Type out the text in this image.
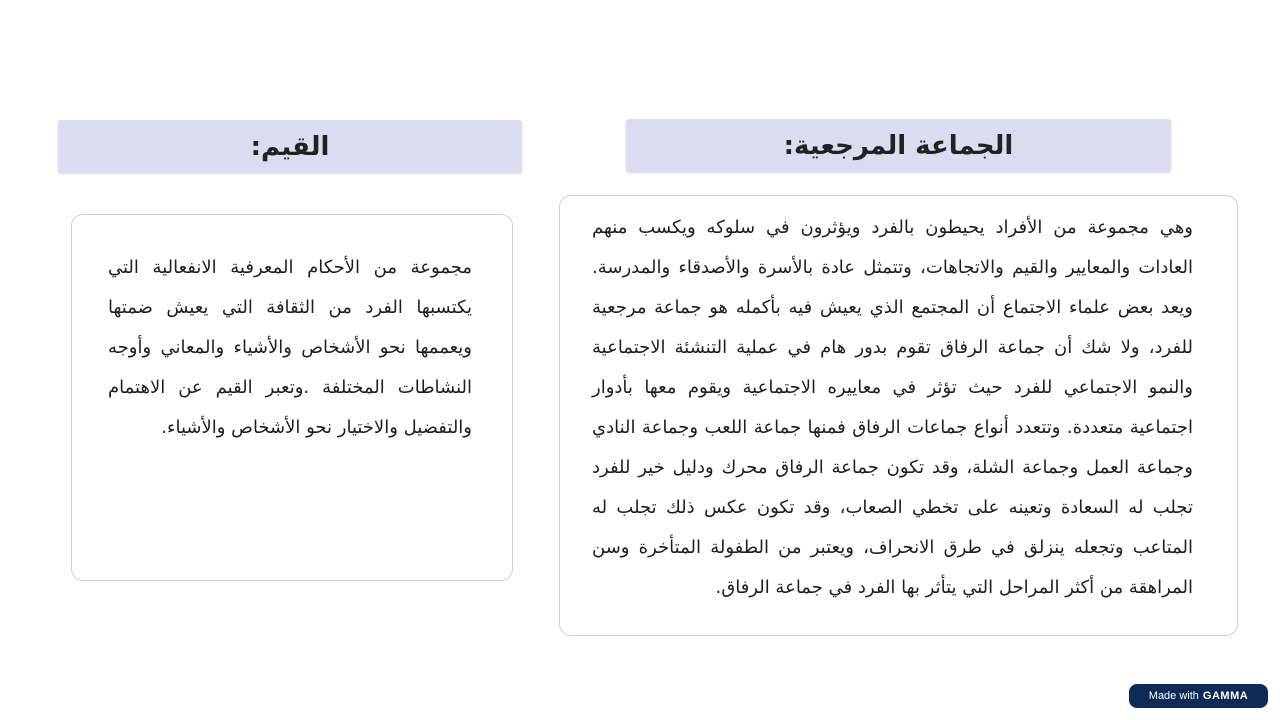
القيم:	الجماعة المرجعية:

مجموعة من الأحكام المعرفية الانفعالية التي يكتسبها الفرد من الثقافة التي يعيش ضمتها ويعممها نحو الأشخاص والأشياء والمعاني وأوجه النشاطات المختلفة .وتعبر القيم عن الاهتمام والتفضيل والاختيار نحو الأشخاص والأشياء.

وهي مجموعة من الأفراد يحيطون بالفرد ويؤثرون في سلوكه ويكسب منهم العادات والمعايير والقيم والاتجاهات، وتتمثل عادة بالأسرة والأصدقاء والمدرسة. ويعد بعض علماء الاجتماع أن المجتمع الذي يعيش فيه بأكمله هو جماعة مرجعية للفرد، ولا شك أن جماعة الرفاق تقوم بدور هام في عملية التنشئة الاجتماعية والنمو الاجتماعي للفرد حيث تؤثر في معاييره الاجتماعية ويقوم معها بأدوار اجتماعية متعددة. وتتعدد أنواع جماعات الرفاق فمنها جماعة اللعب وجماعة النادي وجماعة العمل وجماعة الشلة، وقد تكون جماعة الرفاق محرك ودليل خير للفرد تجلب له السعادة وتعينه على تخطي الصعاب، وقد تكون عكس ذلك تجلب له المتاعب وتجعله ينزلق في طرق الانحراف، ويعتبر من الطفولة المتأخرة وسن المراهقة من أكثر المراحل التي يتأثر بها الفرد في جماعة الرفاق.

Made with GAMMA
